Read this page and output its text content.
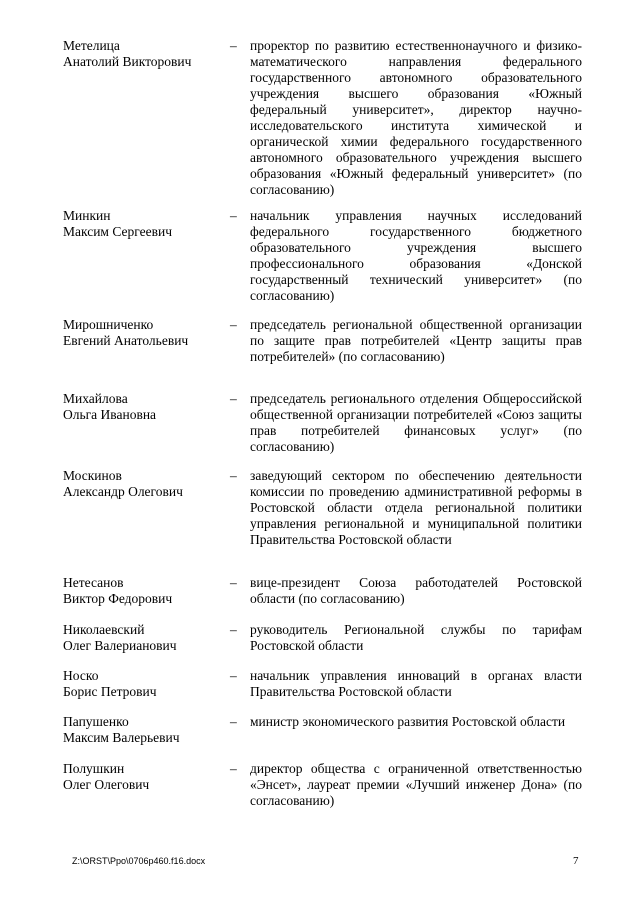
Метелица
Анатолий Викторович
– проректор по развитию естественнонаучного и физико-математического направления федерального государственного автономного образовательного учреждения высшего образования «Южный федеральный университет», директор научно-исследовательского института химической и органической химии федерального государственного автономного образовательного учреждения высшего образования «Южный федеральный университет» (по согласованию)
Минкин
Максим Сергеевич
– начальник управления научных исследований федерального государственного бюджетного образовательного учреждения высшего профессионального образования «Донской государственный технический университет» (по согласованию)
Мирошниченко
Евгений Анатольевич
– председатель региональной общественной организации по защите прав потребителей «Центр защиты прав потребителей» (по согласованию)
Михайлова
Ольга Ивановна
– председатель регионального отделения Общероссийской общественной организации потребителей «Союз защиты прав потребителей финансовых услуг» (по согласованию)
Москинов
Александр Олегович
– заведующий сектором по обеспечению деятельности комиссии по проведению административной реформы в Ростовской области отдела региональной политики управления региональной и муниципальной политики Правительства Ростовской области
Нетесанов
Виктор Федорович
– вице-президент Союза работодателей Ростовской области (по согласованию)
Николаевский
Олег Валерианович
– руководитель Региональной службы по тарифам Ростовской области
Носко
Борис Петрович
– начальник управления инноваций в органах власти Правительства Ростовской области
Папушенко
Максим Валерьевич
– министр экономического развития Ростовской области
Полушкин
Олег Олегович
– директор общества с ограниченной ответственностью «Энсет», лауреат премии «Лучший инженер Дона» (по согласованию)
Z:\ORST\Ppo\0706p460.f16.docx	7
